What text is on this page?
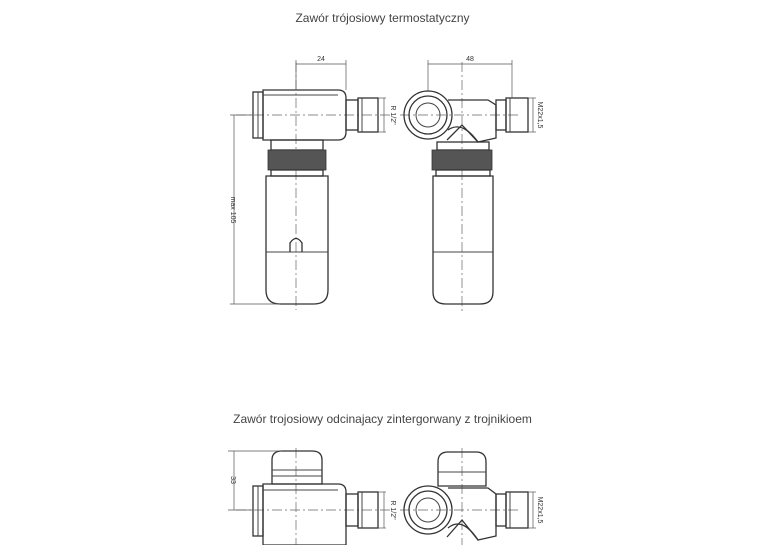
Zawór trójosiowy termostatyczny
Zawór trojosiowy odcinajacy zintergorwany z trojnikioem
24
R 1/2"
max 105
48
M22x1,5
33
R 1/2"	M22x1,5
